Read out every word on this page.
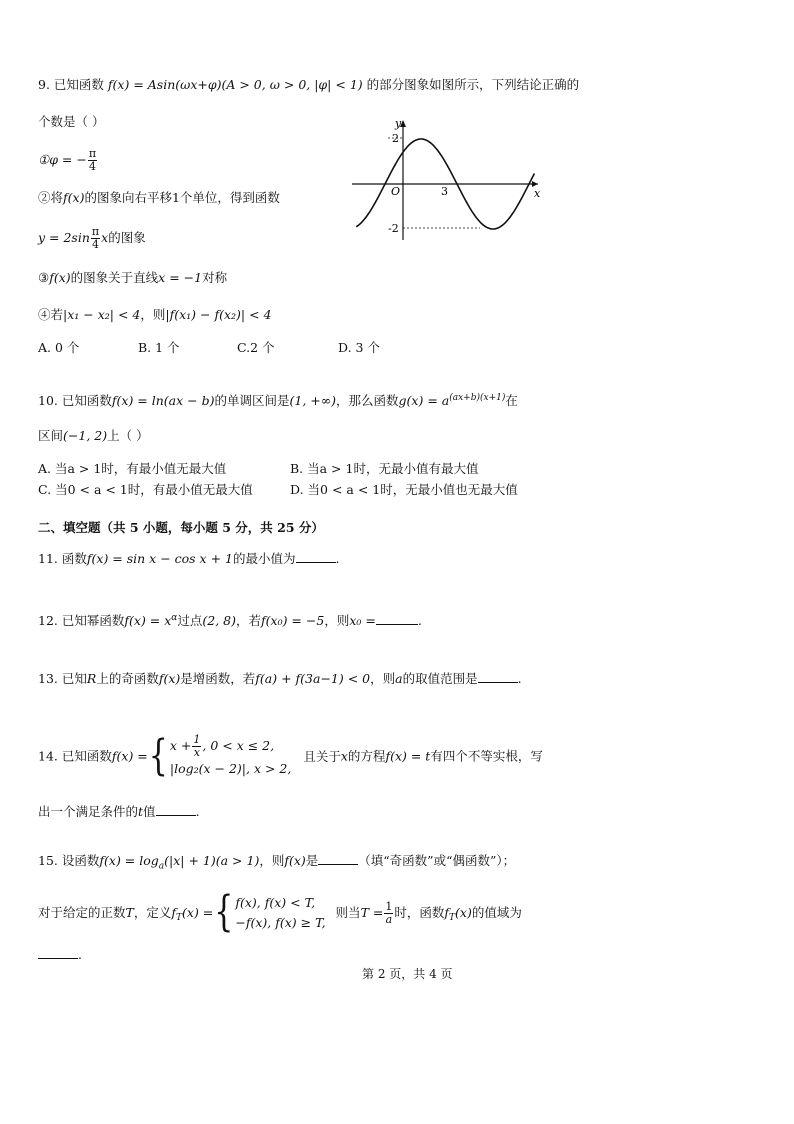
9. 已知函数 f(x) = Asin(ωx+φ)(A > 0, ω > 0, |φ| < 1) 的部分图象如图所示，下列结论正确的
个数是（ ）
①φ = − $\frac{\pi}{4}$
②将f(x)的图象向右平移1个单位，得到函数
$y = 2\sin \frac{\pi}{4}$ x的图象
③f(x)的图象关于直线x = −1对称
④若|x₁ − x₂| < 4，则|f(x₁) − f(x₂)| < 4
A. 0 个	B. 1 个	C.2 个	D. 3 个
y
x
O
2
-2
3
10. 已知函数f(x) = ln(ax − b)的单调区间是(1, +∞)，那么函数$g(x) = a^{(ax+b)(x+1)}$在
区间(−1, 2)上（ ）
A. 当a > 1时，有最小值无最大值	B. 当a > 1时，无最小值有最大值
C. 当0 < a < 1时，有最小值无最大值	D. 当0 < a < 1时，无最小值也无最大值
二、填空题（共 5 小题，每小题 5 分，共 25 分）
11. 函数f(x) = sin x − cos x + 1的最小值为	.
12. 已知幂函数$f(x) = x^\alpha$过点(2, 8)，若f(x₀) = −5，则x₀ =	.
13. 已知R上的奇函数f(x)是增函数，若f(a) + f(3a−1) < 0，则a的取值范围是	.
14. 已知函数f(x) ={ $x + \frac{1}{x}$ , 0 < x ≤ 2,
|log₂(x − 2)|, x > 2,
且关于x的方程f(x) = t有四个不等实根，写
出一个满足条件的t值	.
15. 设函数$f(x) = \log_a(|x| + 1)(a > 1)$，则f(x)是	（填“奇函数”或“偶函数”）；
对于给定的正数T，定义$f_T(x)$ ={ f(x), f(x) < T,
−f(x), f(x) ≥ T,
则当$T = \frac{1}{a}$ 时，函数$f_T(x)$的值域为
.
第 2 页，共 4 页
